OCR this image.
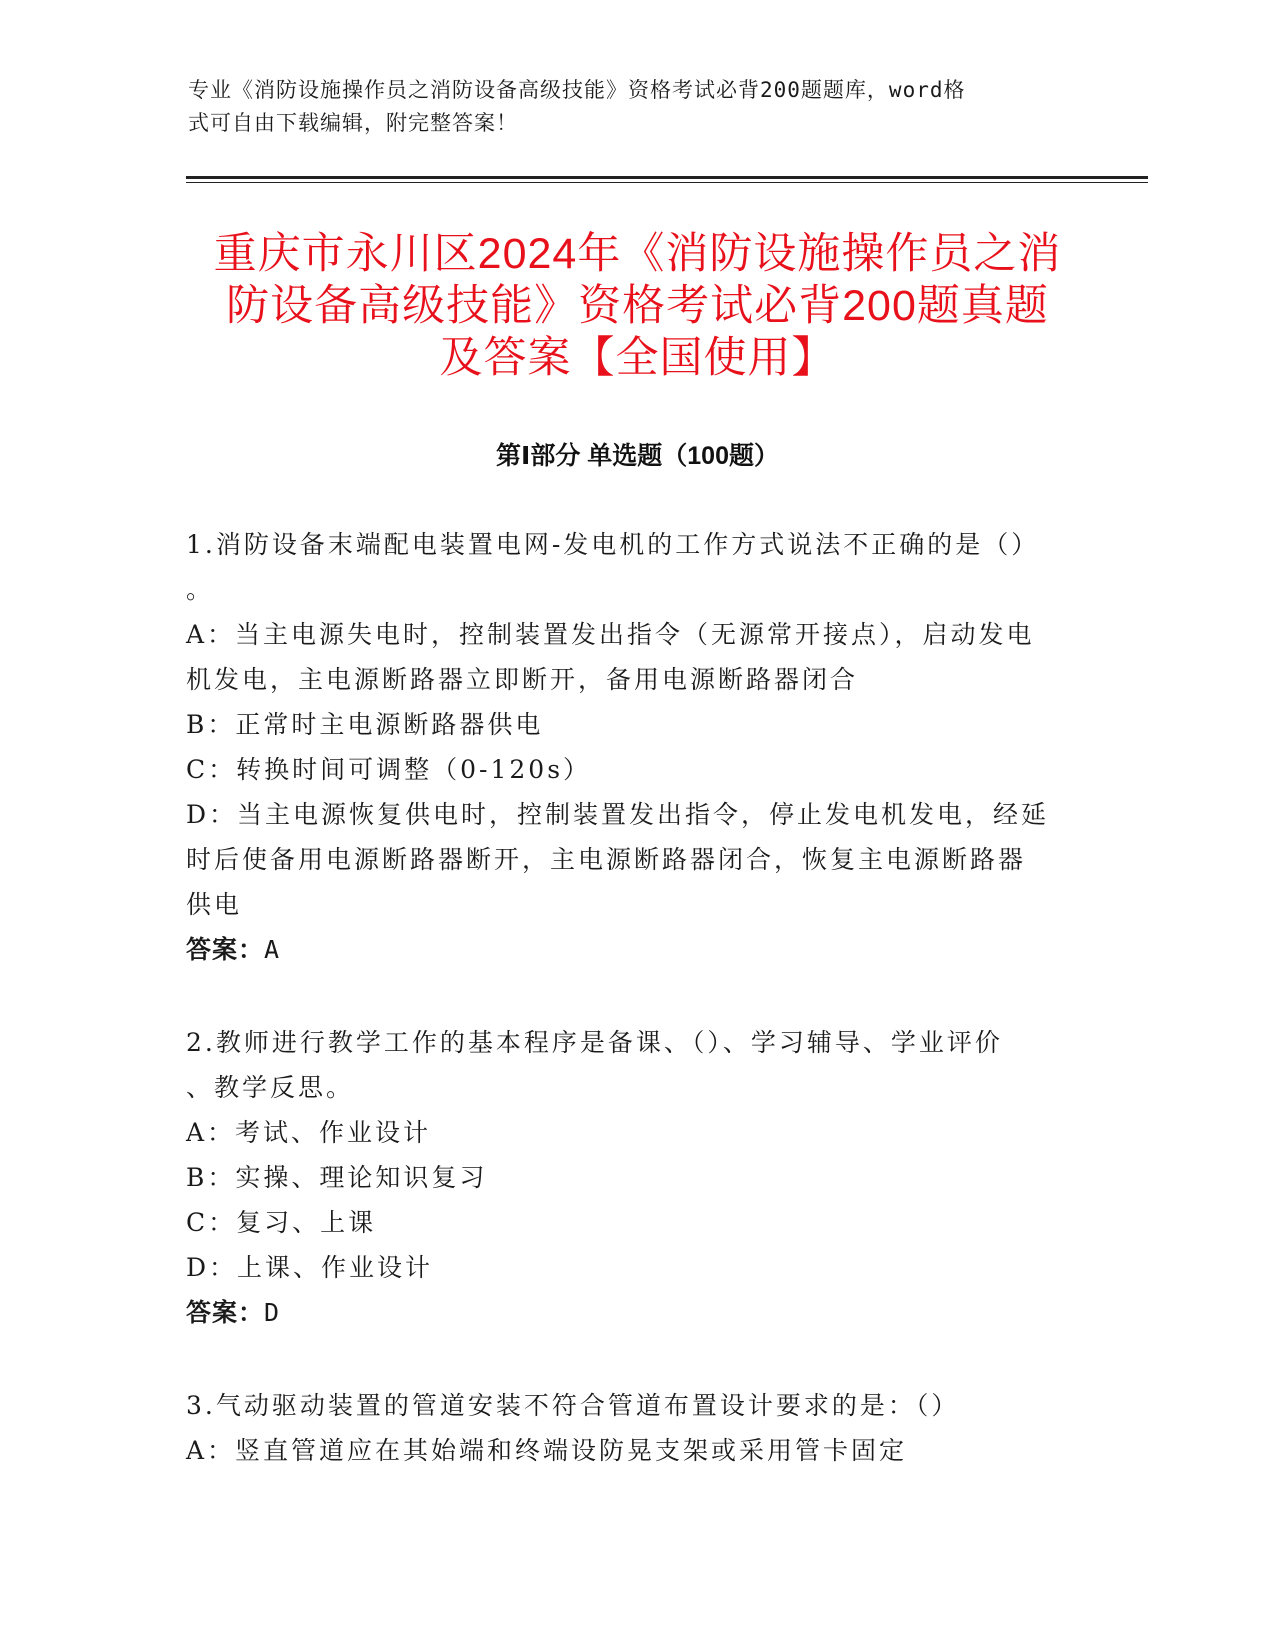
专业《消防设施操作员之消防设备高级技能》资格考试必背200题题库，word格
式可自由下载编辑，附完整答案！
重庆市永川区2024年《消防设施操作员之消
防设备高级技能》资格考试必背200题真题
及答案【全国使用】
第Ⅰ部分 单选题（100题）
1.消防设备末端配电装置电网-发电机的工作方式说法不正确的是（）
。
A：当主电源失电时，控制装置发出指令（无源常开接点），启动发电
机发电，主电源断路器立即断开，备用电源断路器闭合
B：正常时主电源断路器供电
C：转换时间可调整（0-120s）
D：当主电源恢复供电时，控制装置发出指令，停止发电机发电，经延
时后使备用电源断路器断开，主电源断路器闭合，恢复主电源断路器
供电
答案：A
2.教师进行教学工作的基本程序是备课、（）、学习辅导、学业评价
、教学反思。
A：考试、作业设计
B：实操、理论知识复习
C：复习、上课
D：上课、作业设计
答案：D
3.气动驱动装置的管道安装不符合管道布置设计要求的是：（）
A：竖直管道应在其始端和终端设防晃支架或采用管卡固定
